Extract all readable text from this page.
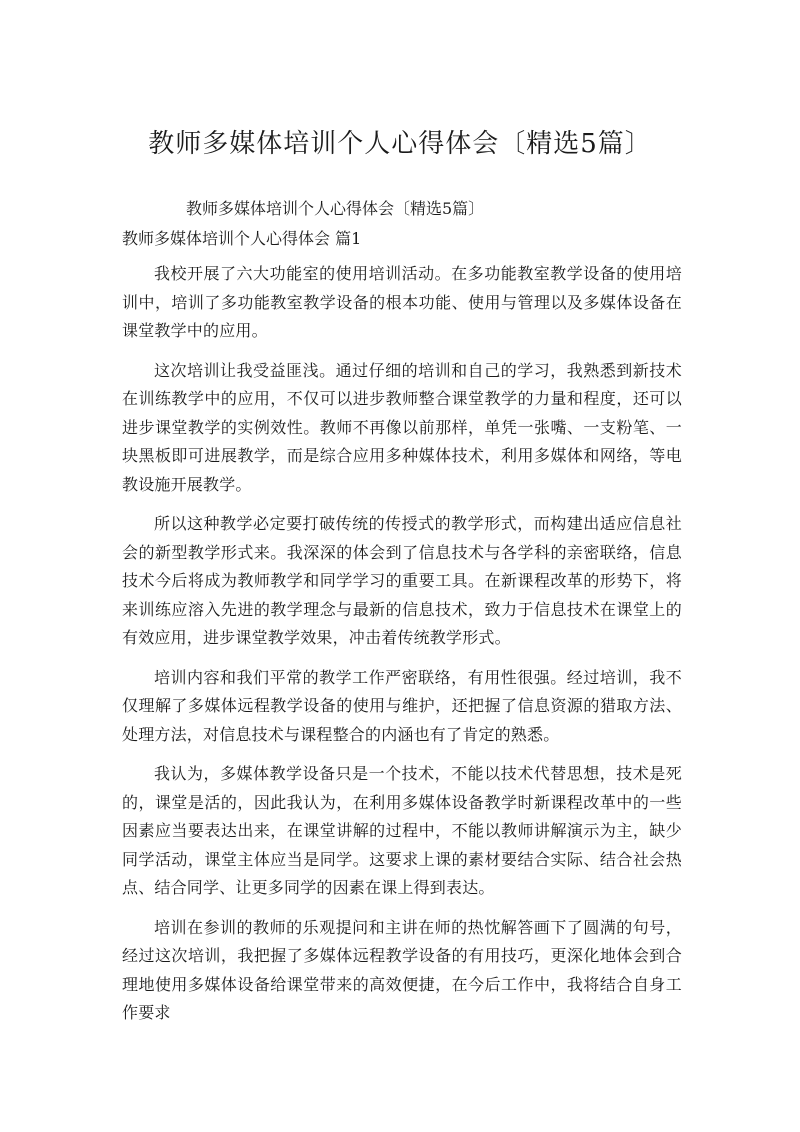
教师多媒体培训个人心得体会〔精选5篇〕

教师多媒体培训个人心得体会〔精选5篇〕

教师多媒体培训个人心得体会 篇1

我校开展了六大功能室的使用培训活动。在多功能教室教学设备的使用培训中，培训了多功能教室教学设备的根本功能、使用与管理以及多媒体设备在课堂教学中的应用。

这次培训让我受益匪浅。通过仔细的培训和自己的学习，我熟悉到新技术在训练教学中的应用，不仅可以进步教师整合课堂教学的力量和程度，还可以进步课堂教学的实例效性。教师不再像以前那样，单凭一张嘴、一支粉笔、一块黑板即可进展教学，而是综合应用多种媒体技术，利用多媒体和网络，等电教设施开展教学。

所以这种教学必定要打破传统的传授式的教学形式，而构建出适应信息社会的新型教学形式来。我深深的体会到了信息技术与各学科的亲密联络，信息技术今后将成为教师教学和同学学习的重要工具。在新课程改革的形势下，将来训练应溶入先进的教学理念与最新的信息技术，致力于信息技术在课堂上的有效应用，进步课堂教学效果，冲击着传统教学形式。

培训内容和我们平常的教学工作严密联络，有用性很强。经过培训，我不仅理解了多媒体远程教学设备的使用与维护，还把握了信息资源的猎取方法、处理方法，对信息技术与课程整合的内涵也有了肯定的熟悉。

我认为，多媒体教学设备只是一个技术，不能以技术代替思想，技术是死的，课堂是活的，因此我认为，在利用多媒体设备教学时新课程改革中的一些因素应当要表达出来，在课堂讲解的过程中，不能以教师讲解演示为主，缺少同学活动，课堂主体应当是同学。这要求上课的素材要结合实际、结合社会热点、结合同学、让更多同学的因素在课上得到表达。

培训在参训的教师的乐观提问和主讲在师的热忱解答画下了圆满的句号，经过这次培训，我把握了多媒体远程教学设备的有用技巧，更深化地体会到合理地使用多媒体设备给课堂带来的高效便捷，在今后工作中，我将结合自身工作要求
